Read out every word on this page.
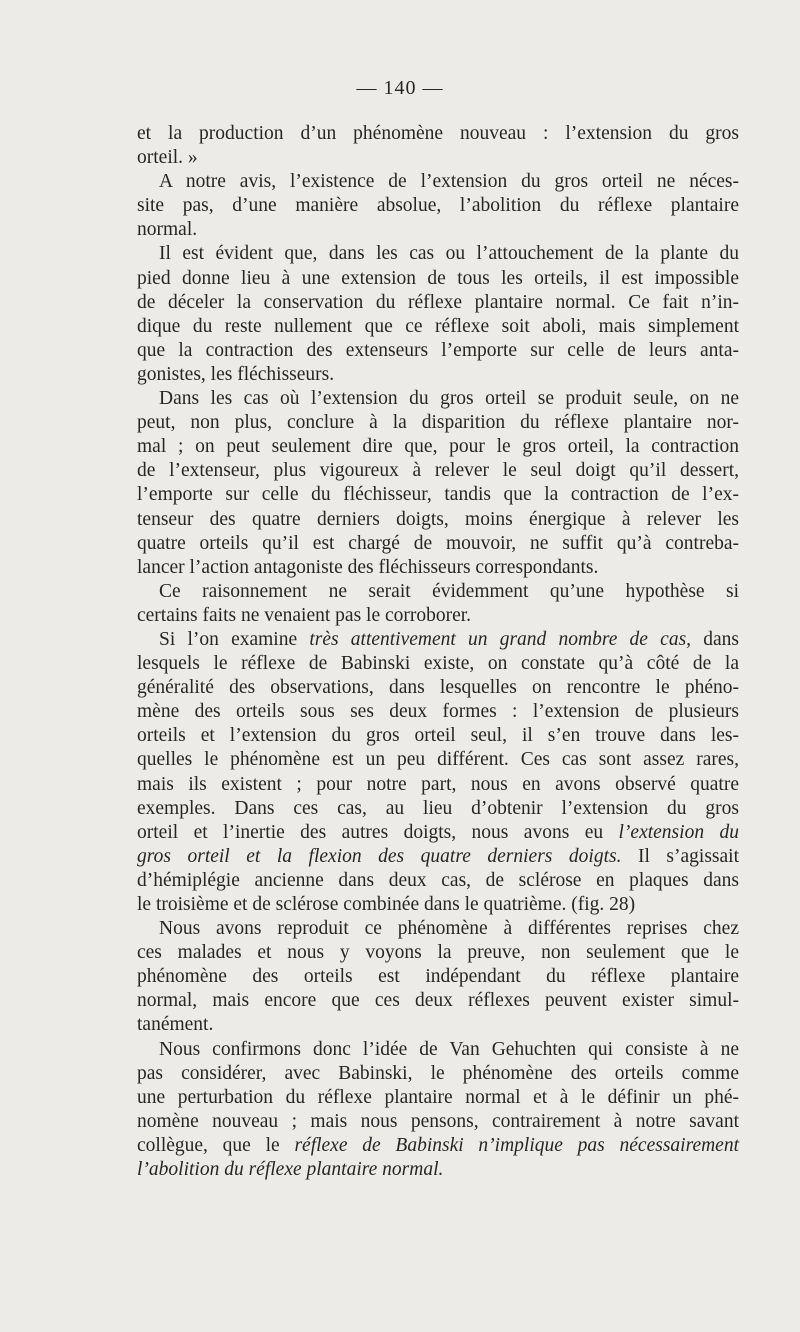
— 140 —
et la production d’un phénomène nouveau : l’extension du gros
orteil. »
A notre avis, l’existence de l’extension du gros orteil ne néces-
site pas, d’une manière absolue, l’abolition du réflexe plantaire
normal.
Il est évident que, dans les cas ou l’attouchement de la plante du
pied donne lieu à une extension de tous les orteils, il est impossible
de déceler la conservation du réflexe plantaire normal. Ce fait n’in-
dique du reste nullement que ce réflexe soit aboli, mais simplement
que la contraction des extenseurs l’emporte sur celle de leurs anta-
gonistes, les fléchisseurs.
Dans les cas où l’extension du gros orteil se produit seule, on ne
peut, non plus, conclure à la disparition du réflexe plantaire nor-
mal ; on peut seulement dire que, pour le gros orteil, la contraction
de l’extenseur, plus vigoureux à relever le seul doigt qu’il dessert,
l’emporte sur celle du fléchisseur, tandis que la contraction de l’ex-
tenseur des quatre derniers doigts, moins énergique à relever les
quatre orteils qu’il est chargé de mouvoir, ne suffit qu’à contreba-
lancer l’action antagoniste des fléchisseurs correspondants.
Ce raisonnement ne serait évidemment qu’une hypothèse si
certains faits ne venaient pas le corroborer.
Si l’on examine très attentivement un grand nombre de cas, dans
lesquels le réflexe de Babinski existe, on constate qu’à côté de la
généralité des observations, dans lesquelles on rencontre le phéno-
mène des orteils sous ses deux formes : l’extension de plusieurs
orteils et l’extension du gros orteil seul, il s’en trouve dans les-
quelles le phénomène est un peu différent. Ces cas sont assez rares,
mais ils existent ; pour notre part, nous en avons observé quatre
exemples. Dans ces cas, au lieu d’obtenir l’extension du gros
orteil et l’inertie des autres doigts, nous avons eu l’extension du
gros orteil et la flexion des quatre derniers doigts. Il s’agissait
d’hémiplégie ancienne dans deux cas, de sclérose en plaques dans
le troisième et de sclérose combinée dans le quatrième. (fig. 28)
Nous avons reproduit ce phénomène à différentes reprises chez
ces malades et nous y voyons la preuve, non seulement que le
phénomène des orteils est indépendant du réflexe plantaire
normal, mais encore que ces deux réflexes peuvent exister simul-
tanément.
Nous confirmons donc l’idée de Van Gehuchten qui consiste à ne
pas considérer, avec Babinski, le phénomène des orteils comme
une perturbation du réflexe plantaire normal et à le définir un phé-
nomène nouveau ; mais nous pensons, contrairement à notre savant
collègue, que le réflexe de Babinski n’implique pas nécessairement
l’abolition du réflexe plantaire normal.
